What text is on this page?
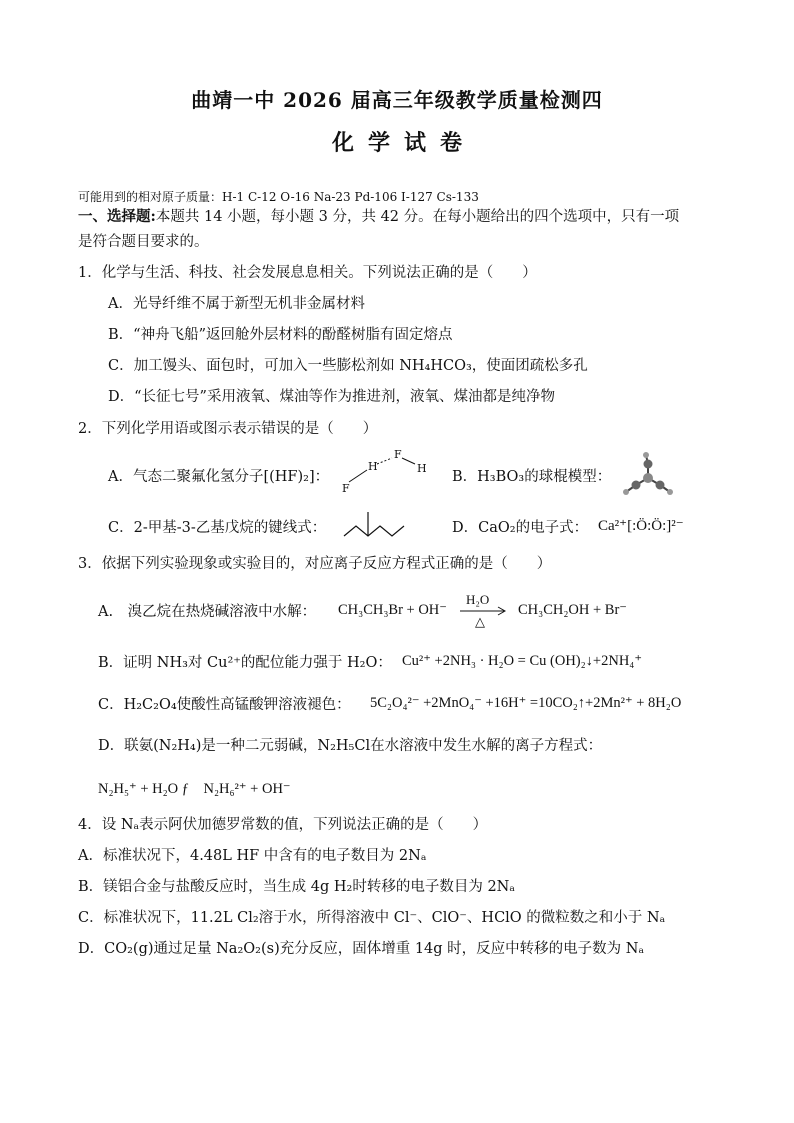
曲靖一中 2026 届高三年级教学质量检测四
化学试卷
可能用到的相对原子质量：H-1 C-12 O-16 Na-23 Pd-106 I-127 Cs-133
一、选择题:本题共 14 小题，每小题 3 分，共 42 分。在每小题给出的四个选项中，只有一项
是符合题目要求的。
1．化学与生活、科技、社会发展息息相关。下列说法正确的是（　　）
A．光导纤维不属于新型无机非金属材料
B．“神舟飞船”返回舱外层材料的酚醛树脂有固定熔点
C．加工馒头、面包时，可加入一些膨松剂如 NH₄HCO₃，使面团疏松多孔
D．“长征七号”采用液氧、煤油等作为推进剂，液氧、煤油都是纯净物
2．下列化学用语或图示表示错误的是（　　）
A．气态二聚氟化氢分子[(HF)₂]：
F
H
F
H
B．H₃BO₃的球棍模型：
C．2-甲基-3-乙基戊烷的键线式：	D．CaO₂的电子式： Ca²⁺[:Ö:Ö:]²⁻
3．依据下列实验现象或实验目的，对应离子反应方程式正确的是（　　）
A.　溴乙烷在热烧碱溶液中水解： CH₃CH₃Br + OH⁻
H₂O
△
CH₃CH₂OH + Br⁻
B．证明 NH₃对 Cu²⁺的配位能力强于 H₂O： Cu²⁺ +2NH₃ · H₂O = Cu (OH)₂↓+2NH₄⁺
C．H₂C₂O₄使酸性高锰酸钾溶液褪色： 5C₂O₄²⁻ +2MnO₄⁻ +16H⁺ =10CO₂↑+2Mn²⁺ + 8H₂O
D．联氨(N₂H₄)是一种二元弱碱，N₂H₅Cl在水溶液中发生水解的离子方程式：
N₂H₅⁺ + H₂O ƒ　N₂H₆²⁺ + OH⁻
4．设 Nₐ表示阿伏加德罗常数的值，下列说法正确的是（　　）
A．标准状况下，4.48L HF 中含有的电子数目为 2Nₐ
B．镁铝合金与盐酸反应时，当生成 4g H₂时转移的电子数目为 2Nₐ
C．标准状况下，11.2L Cl₂溶于水，所得溶液中 Cl⁻、ClO⁻、HClO 的微粒数之和小于 Nₐ
D．CO₂(g)通过足量 Na₂O₂(s)充分反应，固体增重 14g 时，反应中转移的电子数为 Nₐ
